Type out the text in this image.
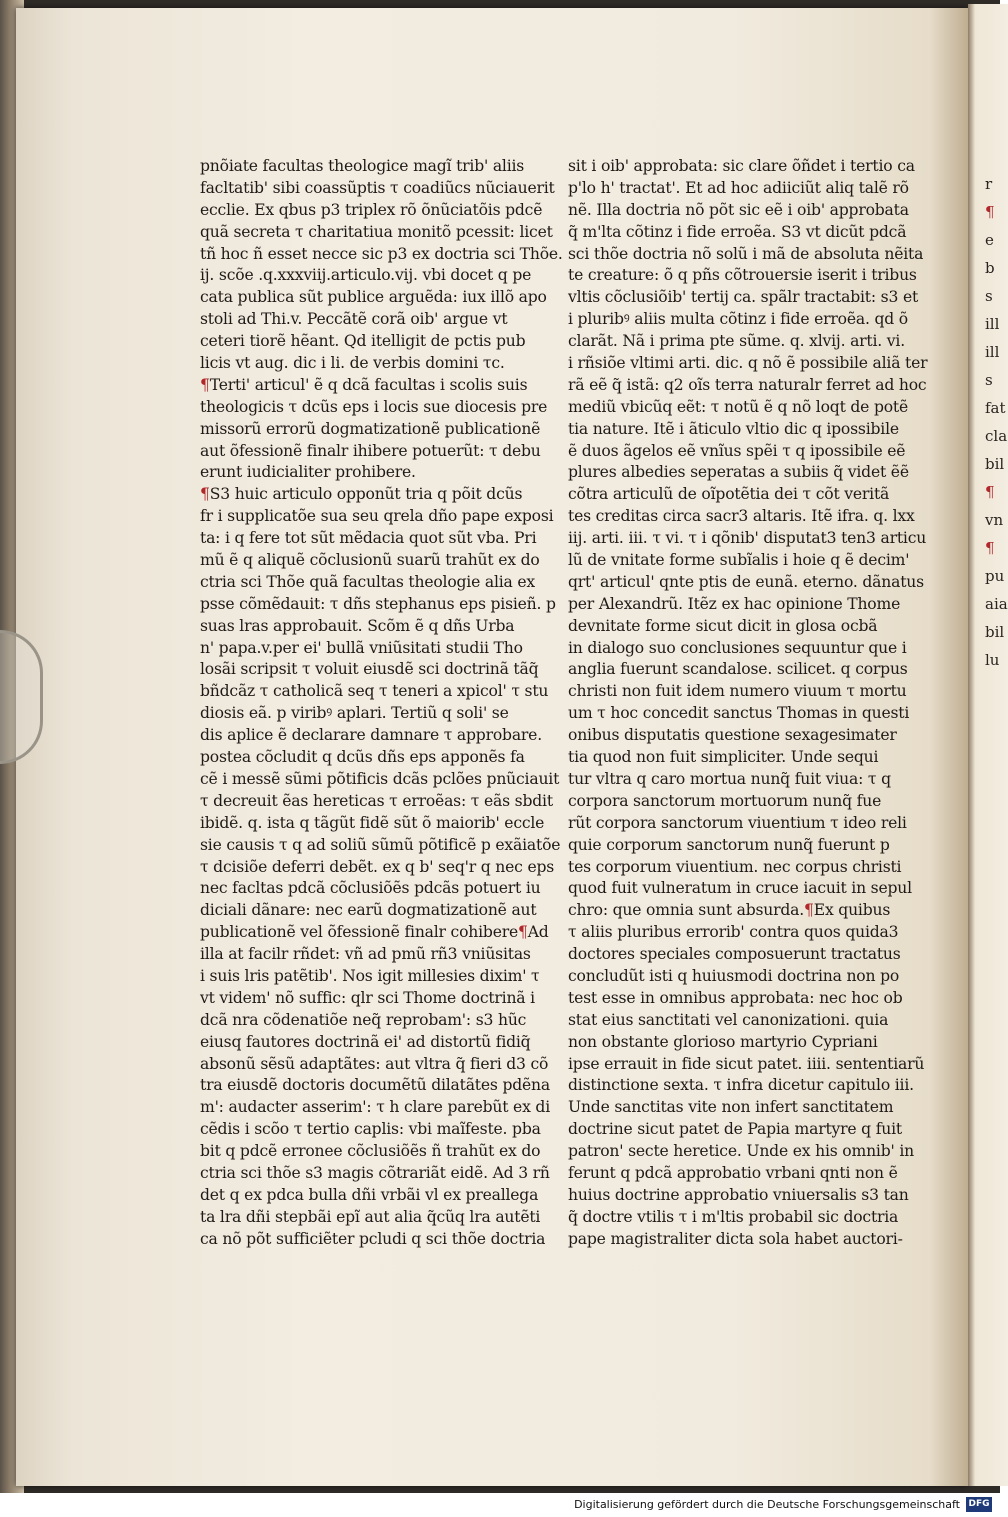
pnõiate facultas theologice magĩ trib' aliis
facltatib' sibi coassũptis τ coadiũcs nũciauerit
ecclie. Ex qbus p3 triplex rõ õnũciatõis pdcẽ
quã secreta τ charitatiua monitõ pcessit: licet
tñ hoc ñ esset necce sic p3 ex doctria sci Thõe.
ij. scõe .q.xxxviij.articulo.vij. vbi docet q pe
cata publica sũt publice arguẽda: iux illõ apo
stoli ad Thi.v. Peccãtẽ corã oib' argue vt
ceteri tiorẽ hẽant. Qd itelligit de pctis pub
licis vt aug. dic i li. de verbis domini τc.
¶Terti' articul' ẽ q dcã facultas i scolis suis
theologicis τ dcũs eps i locis sue diocesis pre
missorũ errorũ dogmatizationẽ publicationẽ
aut õfessionẽ finalr ihibere potuerũt: τ debu
erunt iudicialiter prohibere.
¶S3 huic articulo opponũt tria q põit dcũs
fr i supplicatõe sua seu qrela dño pape exposi
ta: i q fere tot sũt mẽdacia quot sũt vba. Pri
mũ ẽ q aliquẽ cõclusionũ suarũ trahũt ex do
ctria sci Thõe quã facultas theologie alia ex
psse cõmẽdauit: τ dñs stephanus eps pisieñ. p
suas lras approbauit. Scõm ẽ q dñs Urba
n' papa.v.per ei' bullã vniũsitati studii Tho
losãi scripsit τ voluit eiusdẽ sci doctrinã tãq̃
bñdcãz τ catholicã seq τ teneri a xpicol' τ stu
diosis eã. p viribꝰ aplari. Tertiũ q soli' se
dis aplice ẽ declarare damnare τ approbare.
postea cõcludit q dcũs dñs eps apponẽs fa
cẽ i messẽ sũmi põtificis dcãs pclões pnũciauit
τ decreuit ẽas hereticas τ erroẽas: τ eãs sbdit
ibidẽ. q. ista q tãgũt fidẽ sũt õ maiorib' eccle
sie causis τ q ad soliũ sũmũ põtificẽ p exãiatõe
τ dcisiõe deferri debẽt. ex q b' seq'r q nec eps
nec facltas pdcã cõclusiõẽs pdcãs potuert iu
diciali dãnare: nec earũ dogmatizationẽ aut
publicationẽ vel õfessionẽ finalr cohibere¶Ad
illa at facilr rñdet: vñ ad pmũ rñ3 vniũsitas
i suis lris patẽtib'. Nos igit millesies dixim' τ
vt videm' nõ suffic: qlr sci Thome doctrinã i
dcã nra cõdenatiõe neq̃ reprobam': s3 hũc
eiusq fautores doctrinã ei' ad distortũ fidiq̃
absonũ sẽsũ adaptãtes: aut vltra q̃ fieri d3 cõ
tra eiusdẽ doctoris documẽtũ dilatãtes pdẽna
m': audacter asserim': τ h clare parebũt ex di
cẽdis i scõo τ tertio caplis: vbi maĩfeste. pba
bit q pdcẽ erronee cõclusiõẽs ñ trahũt ex do
ctria sci thõe s3 magis cõtrariãt eidẽ. Ad 3 rñ
det q ex pdca bulla dñi vrbãi vl ex preallega
ta lra dñi stepbãi epĩ aut alia q̃cũq lra autẽti
ca nõ põt sufficiẽter pcludi q sci thõe doctria
sit i oib' approbata: sic clare õñdet i tertio ca
p'lo h' tractat'. Et ad hoc adiiciũt aliq talẽ rõ
nẽ. Illa doctria nõ põt sic eẽ i oib' approbata
q̃ m'lta cõtinz i fide erroẽa. S3 vt dicũt pdcã
sci thõe doctria nõ solũ i mã de absoluta nẽita
te creature: õ q pñs cõtrouersie iserit i tribus
vltis cõclusiõib' tertij ca. spãlr tractabit: s3 et
i pluribꝰ aliis multa cõtinz i fide erroẽa. qd õ
clarãt. Nã i prima pte sũme. q. xlvij. arti. vi.
i rñsiõe vltimi arti. dic. q nõ ẽ possibile aliã ter
rã eẽ q̃ istã: q2 oĩs terra naturalr ferret ad hoc
mediũ vbicũq eẽt: τ notũ ẽ q nõ loqt de potẽ
tia nature. Itẽ i ãticulo vltio dic q ipossibile
ẽ duos ãgelos eẽ vnĩus spẽi τ q ipossibile eẽ
plures albedies seperatas a subiis q̃ videt ẽẽ
cõtra articulũ de oĩpotẽtia dei τ cõt veritã
tes creditas circa sacr3 altaris. Itẽ ifra. q. lxx
iij. arti. iii. τ vi. τ i qõnib' disputat3 ten3 articu
lũ de vnitate forme subĩalis i hoie q ẽ decim'
qrt' articul' qnte ptis de eunã. eterno. dãnatus
per Alexandrũ. Itẽz ex hac opinione Thome
devnitate forme sicut dicit in glosa ocbã
in dialogo suo conclusiones sequuntur que i
anglia fuerunt scandalose. scilicet. q corpus
christi non fuit idem numero viuum τ mortu
um τ hoc concedit sanctus Thomas in questi
onibus disputatis questione sexagesimater
tia quod non fuit simpliciter. Unde sequi
tur vltra q caro mortua nunq̃ fuit viua: τ q
corpora sanctorum mortuorum nunq̃ fue
rũt corpora sanctorum viuentium τ ideo reli
quie corporum sanctorum nunq̃ fuerunt p
tes corporum viuentium. nec corpus christi
quod fuit vulneratum in cruce iacuit in sepul
chro: que omnia sunt absurda.¶Ex quibus
τ aliis pluribus errorib' contra quos quida3
doctores speciales composuerunt tractatus
concludũt isti q huiusmodi doctrina non po
test esse in omnibus approbata: nec hoc ob
stat eius sanctitati vel canonizationi. quia
non obstante glorioso martyrio Cypriani
ipse errauit in fide sicut patet. iiii. sententiarũ
distinctione sexta. τ infra dicetur capitulo iii.
Unde sanctitas vite non infert sanctitatem
doctrine sicut patet de Papia martyre q fuit
patron' secte heretice. Unde ex his omnib' in
ferunt q pdcã approbatio vrbani qnti non ẽ
huius doctrine approbatio vniuersalis s3 tan
q̃ doctre vtilis τ i m'ltis probabil sic doctria
pape magistraliter dicta sola habet auctori-
r
¶
e
b
s
ill
ill
s
fat
cla
bil
¶
vn
¶
pu
aia
bil
lu
Digitalisierung gefördert durch die Deutsche Forschungsgemeinschaft DFG
